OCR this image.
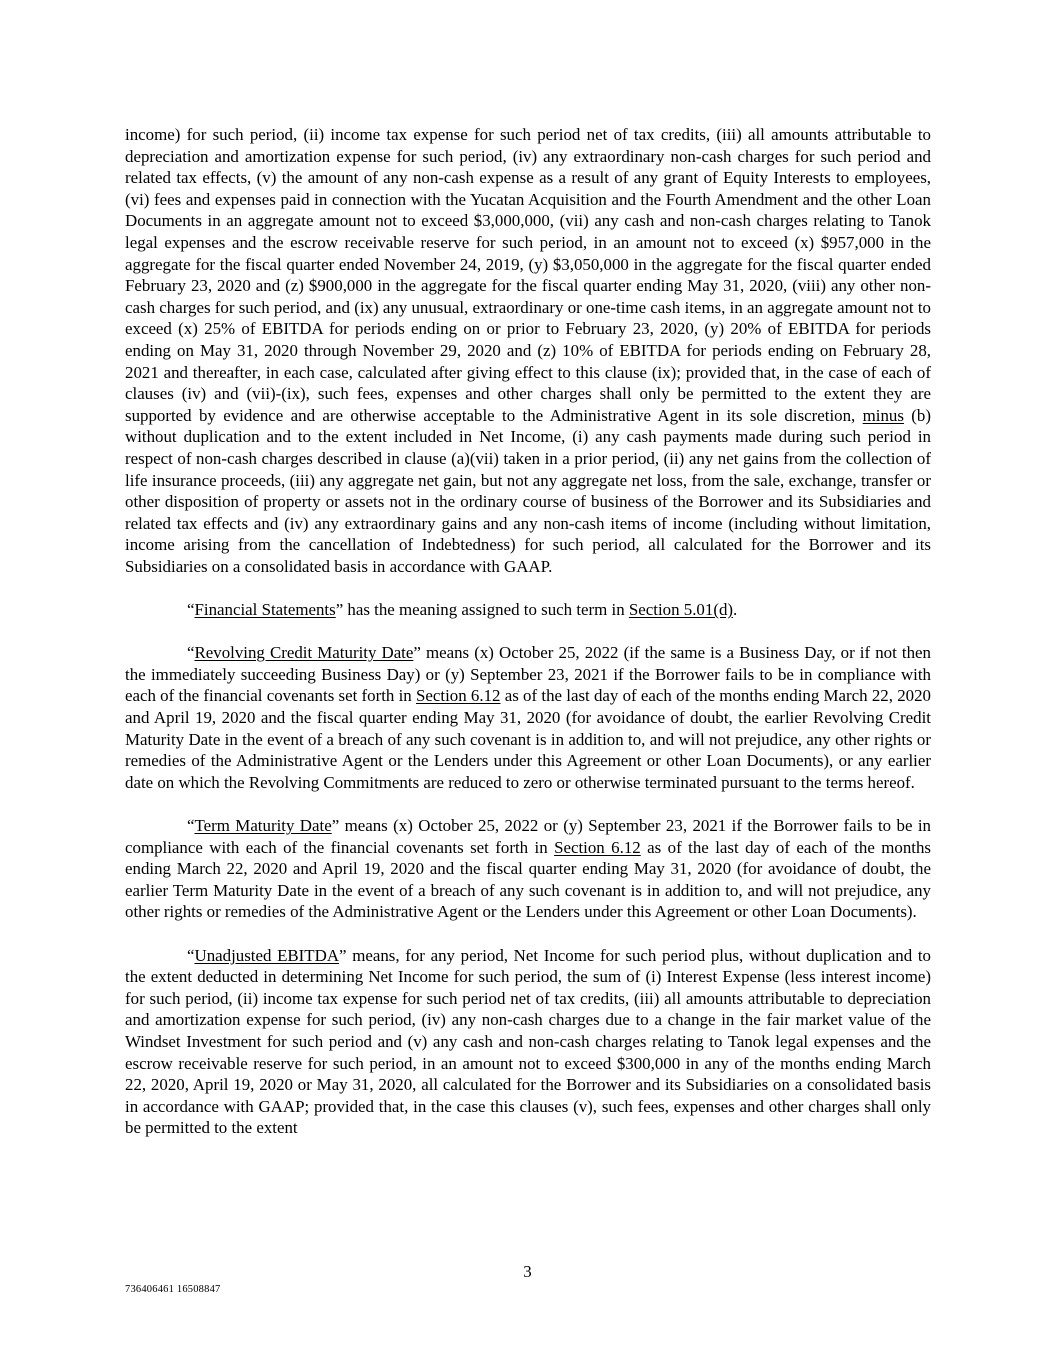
income) for such period, (ii) income tax expense for such period net of tax credits, (iii) all amounts attributable to depreciation and amortization expense for such period, (iv) any extraordinary non-cash charges for such period and related tax effects, (v) the amount of any non-cash expense as a result of any grant of Equity Interests to employees, (vi) fees and expenses paid in connection with the Yucatan Acquisition and the Fourth Amendment and the other Loan Documents in an aggregate amount not to exceed $3,000,000, (vii) any cash and non-cash charges relating to Tanok legal expenses and the escrow receivable reserve for such period, in an amount not to exceed (x) $957,000 in the aggregate for the fiscal quarter ended November 24, 2019, (y) $3,050,000 in the aggregate for the fiscal quarter ended February 23, 2020 and (z) $900,000 in the aggregate for the fiscal quarter ending May 31, 2020, (viii) any other non-cash charges for such period, and (ix) any unusual, extraordinary or one-time cash items, in an aggregate amount not to exceed (x) 25% of EBITDA for periods ending on or prior to February 23, 2020, (y) 20% of EBITDA for periods ending on May 31, 2020 through November 29, 2020 and (z) 10% of EBITDA for periods ending on February 28, 2021 and thereafter, in each case, calculated after giving effect to this clause (ix); provided that, in the case of each of clauses (iv) and (vii)-(ix), such fees, expenses and other charges shall only be permitted to the extent they are supported by evidence and are otherwise acceptable to the Administrative Agent in its sole discretion, minus (b) without duplication and to the extent included in Net Income, (i) any cash payments made during such period in respect of non-cash charges described in clause (a)(vii) taken in a prior period, (ii) any net gains from the collection of life insurance proceeds, (iii) any aggregate net gain, but not any aggregate net loss, from the sale, exchange, transfer or other disposition of property or assets not in the ordinary course of business of the Borrower and its Subsidiaries and related tax effects and (iv) any extraordinary gains and any non-cash items of income (including without limitation, income arising from the cancellation of Indebtedness) for such period, all calculated for the Borrower and its Subsidiaries on a consolidated basis in accordance with GAAP.

“Financial Statements” has the meaning assigned to such term in Section 5.01(d).

“Revolving Credit Maturity Date” means (x) October 25, 2022 (if the same is a Business Day, or if not then the immediately succeeding Business Day) or (y) September 23, 2021 if the Borrower fails to be in compliance with each of the financial covenants set forth in Section 6.12 as of the last day of each of the months ending March 22, 2020 and April 19, 2020 and the fiscal quarter ending May 31, 2020 (for avoidance of doubt, the earlier Revolving Credit Maturity Date in the event of a breach of any such covenant is in addition to, and will not prejudice, any other rights or remedies of the Administrative Agent or the Lenders under this Agreement or other Loan Documents), or any earlier date on which the Revolving Commitments are reduced to zero or otherwise terminated pursuant to the terms hereof.

“Term Maturity Date” means (x) October 25, 2022 or (y) September 23, 2021 if the Borrower fails to be in compliance with each of the financial covenants set forth in Section 6.12 as of the last day of each of the months ending March 22, 2020 and April 19, 2020 and the fiscal quarter ending May 31, 2020 (for avoidance of doubt, the earlier Term Maturity Date in the event of a breach of any such covenant is in addition to, and will not prejudice, any other rights or remedies of the Administrative Agent or the Lenders under this Agreement or other Loan Documents).

“Unadjusted EBITDA” means, for any period, Net Income for such period plus, without duplication and to the extent deducted in determining Net Income for such period, the sum of (i) Interest Expense (less interest income) for such period, (ii) income tax expense for such period net of tax credits, (iii) all amounts attributable to depreciation and amortization expense for such period, (iv) any non-cash charges due to a change in the fair market value of the Windset Investment for such period and (v) any cash and non-cash charges relating to Tanok legal expenses and the escrow receivable reserve for such period, in an amount not to exceed $300,000 in any of the months ending March 22, 2020, April 19, 2020 or May 31, 2020, all calculated for the Borrower and its Subsidiaries on a consolidated basis in accordance with GAAP; provided that, in the case this clauses (v), such fees, expenses and other charges shall only be permitted to the extent

3
736406461 16508847
